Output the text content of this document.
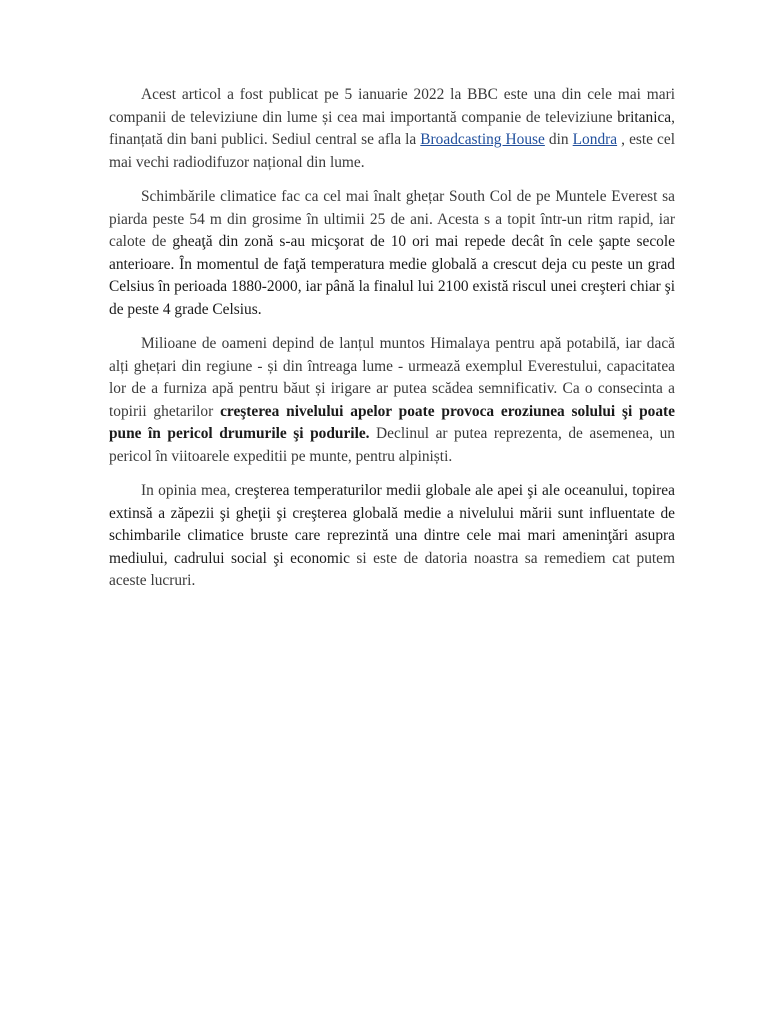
Acest articol a fost publicat pe 5 ianuarie 2022 la BBC este una din cele mai mari companii de televiziune din lume și cea mai importantă companie de televiziune britanica, finanțată din bani publici. Sediul central se afla la Broadcasting House din Londra , este cel mai vechi radiodifuzor național din lume.

Schimbările climatice fac ca cel mai înalt ghețar South Col de pe Muntele Everest sa piarda peste 54 m din grosime în ultimii 25 de ani. Acesta s a topit într-un ritm rapid, iar calote de gheaţă din zonă s-au micşorat de 10 ori mai repede decât în cele şapte secole anterioare. Ȋn momentul de faţă temperatura medie globală a crescut deja cu peste un grad Celsius în perioada 1880-2000, iar până la finalul lui 2100 există riscul unei creşteri chiar şi de peste 4 grade Celsius.

Milioane de oameni depind de lanțul muntos Himalaya pentru apă potabilă, iar dacă alți ghețari din regiune - și din întreaga lume - urmează exemplul Everestului, capacitatea lor de a furniza apă pentru băut și irigare ar putea scădea semnificativ. Ca o consecinta a topirii ghetarilor creşterea nivelului apelor poate provoca eroziunea solului şi poate pune în pericol drumurile şi podurile. Declinul ar putea reprezenta, de asemenea, un pericol în viitoarele expeditii pe munte, pentru alpiniști.

In opinia mea, creşterea temperaturilor medii globale ale apei şi ale oceanului, topirea extinsă a zăpezii şi gheţii şi creşterea globală medie a nivelului mării sunt influentate de schimbarile climatice bruste care reprezintă una dintre cele mai mari ameninţări asupra mediului, cadrului social şi economic si este de datoria noastra sa remediem cat putem aceste lucruri.
